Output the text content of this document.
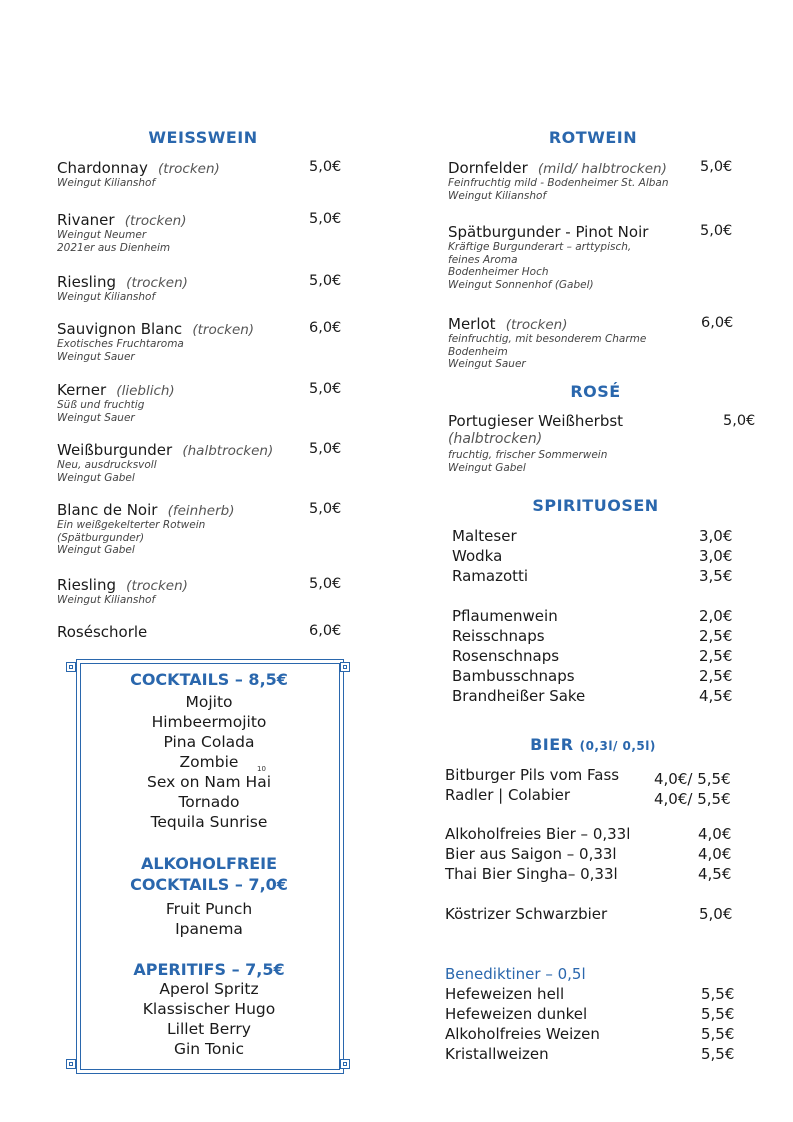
WEISSWEIN
Chardonnay (trocken)
Weingut Kilianshof
5,0€
Rivaner (trocken)
Weingut Neumer
2021er aus Dienheim
5,0€
Riesling (trocken)
Weingut Kilianshof
5,0€
Sauvignon Blanc (trocken)
Exotisches Fruchtaroma
Weingut Sauer
6,0€
Kerner (lieblich)
Süß und fruchtig
Weingut Sauer
5,0€
Weißburgunder (halbtrocken)
Neu, ausdrucksvoll
Weingut Gabel
5,0€
Blanc de Noir (feinherb)
Ein weißgekelterter Rotwein
(Spätburgunder)
Weingut Gabel
5,0€
Riesling (trocken)
Weingut Kilianshof
5,0€
Roséschorle	6,0€
COCKTAILS – 8,5€
Mojito
Himbeermojito
Pina Colada
Zombie	10
Sex on Nam Hai
Tornado
Tequila Sunrise
ALKOHOLFREIE
COCKTAILS – 7,0€
Fruit Punch
Ipanema
APERITIFS – 7,5€
Aperol Spritz
Klassischer Hugo
Lillet Berry
Gin Tonic
ROTWEIN
Dornfelder (mild/ halbtrocken)
Feinfruchtig mild - Bodenheimer St. Alban
Weingut Kilianshof
5,0€
Spätburgunder - Pinot Noir
Kräftige Burgunderart – arttypisch,
feines Aroma
Bodenheimer Hoch
Weingut Sonnenhof (Gabel)
5,0€
Merlot (trocken)
feinfruchtig, mit besonderem Charme
Bodenheim
Weingut Sauer
6,0€
ROSÉ
Portugieser Weißherbst
(halbtrocken)
fruchtig, frischer Sommerwein
Weingut Gabel
5,0€
SPIRITUOSEN
Malteser	3,0€
Wodka	3,0€
Ramazotti	3,5€
Pflaumenwein	2,0€
Reisschnaps	2,5€
Rosenschnaps	2,5€
Bambusschnaps	2,5€
Brandheißer Sake	4,5€
BIER (0,3l/ 0,5l)
Bitburger Pils vom Fass 4,0€/ 5,5€
Radler | Colabier	4,0€/ 5,5€
Alkoholfreies Bier – 0,33l	4,0€
Bier aus Saigon – 0,33l	4,0€
Thai Bier Singha– 0,33l	4,5€
Köstrizer Schwarzbier	5,0€
Benediktiner – 0,5l
Hefeweizen hell	5,5€
Hefeweizen dunkel	5,5€
Alkoholfreies Weizen	5,5€
Kristallweizen	5,5€
